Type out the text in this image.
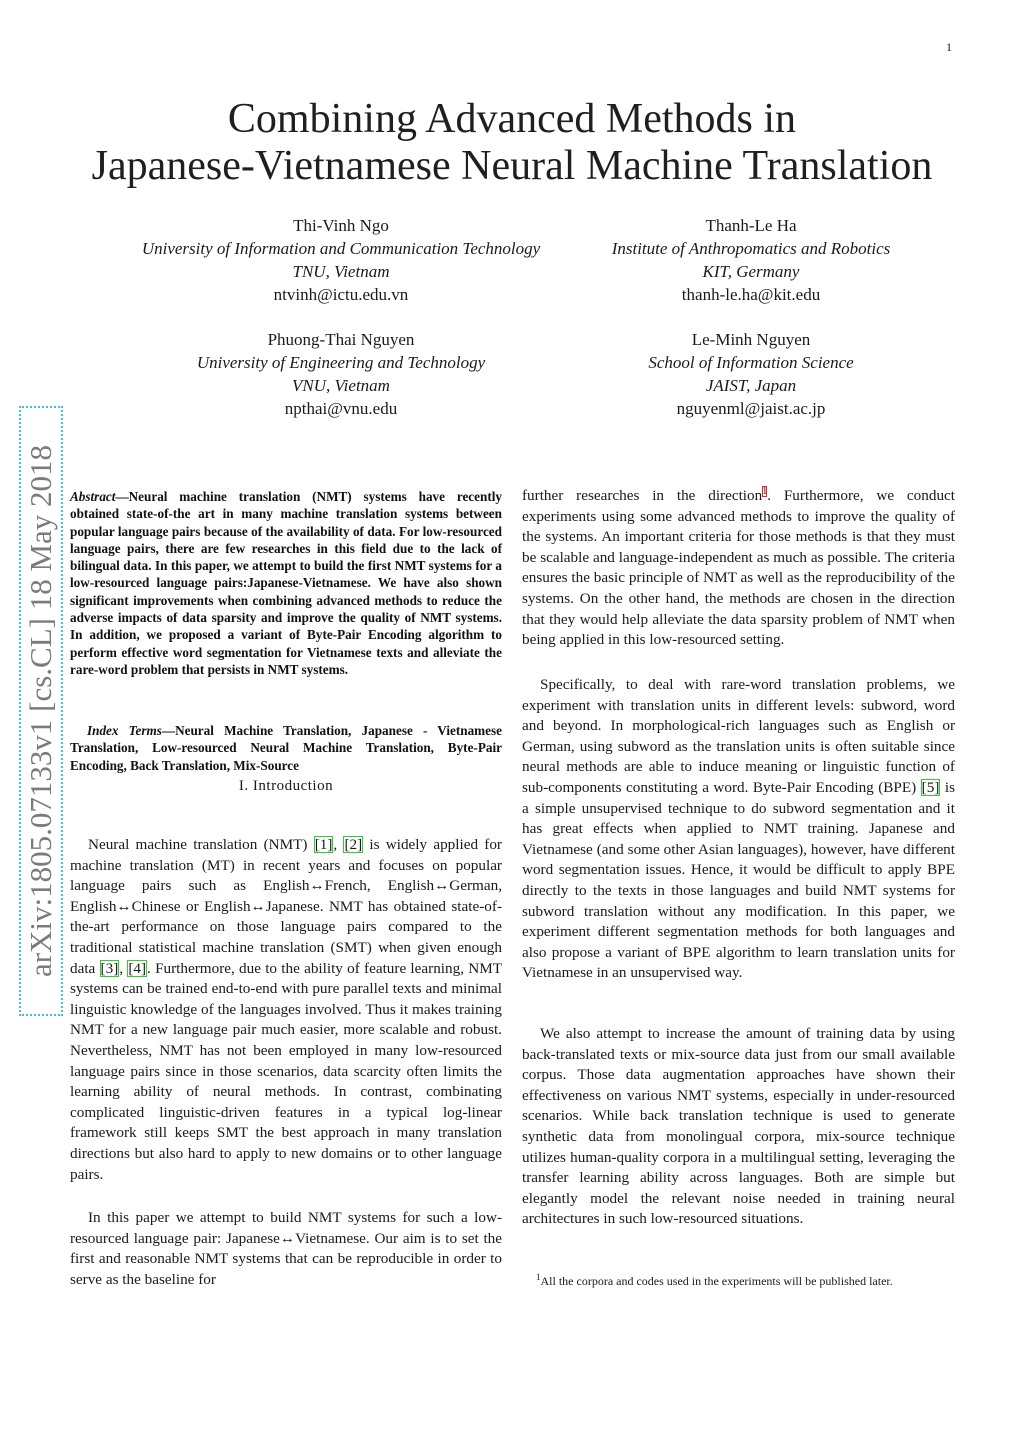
1
Combining Advanced Methods in
Japanese-Vietnamese Neural Machine Translation
Thi-Vinh Ngo
University of Information and Communication Technology
TNU, Vietnam
ntvinh@ictu.edu.vn
Thanh-Le Ha
Institute of Anthropomatics and Robotics
KIT, Germany
thanh-le.ha@kit.edu
Phuong-Thai Nguyen
University of Engineering and Technology
VNU, Vietnam
npthai@vnu.edu
Le-Minh Nguyen
School of Information Science
JAIST, Japan
nguyenml@jaist.ac.jp
arXiv:1805.07133v1 [cs.CL] 18 May 2018 Abstract—Neural machine translation (NMT) systems have recently obtained state-of-the art in many machine translation systems between popular language pairs because of the availability of data. For low-resourced language pairs, there are few researches in this field due to the lack of bilingual data. In this paper, we attempt to build the first NMT systems for a low-resourced language pairs:Japanese-Vietnamese. We have also shown significant improvements when combining advanced methods to reduce the adverse impacts of data sparsity and improve the quality of NMT systems. In addition, we proposed a variant of Byte-Pair Encoding algorithm to perform effective word segmentation for Vietnamese texts and alleviate the rare-word problem that persists in NMT systems.

Index Terms—Neural Machine Translation, Japanese - Vietnamese Translation, Low-resourced Neural Machine Translation, Byte-Pair Encoding, Back Translation, Mix-Source

I. Introduction

Neural machine translation (NMT) [1], [2] is widely applied for machine translation (MT) in recent years and focuses on popular language pairs such as English↔French, English↔German, English↔Chinese or English↔Japanese. NMT has obtained state-of-the-art performance on those language pairs compared to the traditional statistical machine translation (SMT) when given enough data [3], [4]. Furthermore, due to the ability of feature learning, NMT systems can be trained end-to-end with pure parallel texts and minimal linguistic knowledge of the languages involved. Thus it makes training NMT for a new language pair much easier, more scalable and robust. Nevertheless, NMT has not been employed in many low-resourced language pairs since in those scenarios, data scarcity often limits the learning ability of neural methods. In contrast, combinating complicated linguistic-driven features in a typical log-linear framework still keeps SMT the best approach in many translation directions but also hard to apply to new domains or to other language pairs.

In this paper we attempt to build NMT systems for such a low-resourced language pair: Japanese↔Vietnamese. Our aim is to set the first and reasonable NMT systems that can be reproducible in order to serve as the baseline for

further researches in the direction$^1$. Furthermore, we conduct experiments using some advanced methods to improve the quality of the systems. An important criteria for those methods is that they must be scalable and language-independent as much as possible. The criteria ensures the basic principle of NMT as well as the reproducibility of the systems. On the other hand, the methods are chosen in the direction that they would help alleviate the data sparsity problem of NMT when being applied in this low-resourced setting.

Specifically, to deal with rare-word translation problems, we experiment with translation units in different levels: subword, word and beyond. In morphological-rich languages such as English or German, using subword as the translation units is often suitable since neural methods are able to induce meaning or linguistic function of sub-components constituting a word. Byte-Pair Encoding (BPE) [5] is a simple unsupervised technique to do subword segmentation and it has great effects when applied to NMT training. Japanese and Vietnamese (and some other Asian languages), however, have different word segmentation issues. Hence, it would be difficult to apply BPE directly to the texts in those languages and build NMT systems for subword translation without any modification. In this paper, we experiment different segmentation methods for both languages and also propose a variant of BPE algorithm to learn translation units for Vietnamese in an unsupervised way.

We also attempt to increase the amount of training data by using back-translated texts or mix-source data just from our small available corpus. Those data augmentation approaches have shown their effectiveness on various NMT systems, especially in under-resourced scenarios. While back translation technique is used to generate synthetic data from monolingual corpora, mix-source technique utilizes human-quality corpora in a multilingual setting, leveraging the transfer learning ability across languages. Both are simple but elegantly model the relevant noise needed in training neural architectures in such low-resourced situations.

$^1$All the corpora and codes used in the experiments will be published later.
